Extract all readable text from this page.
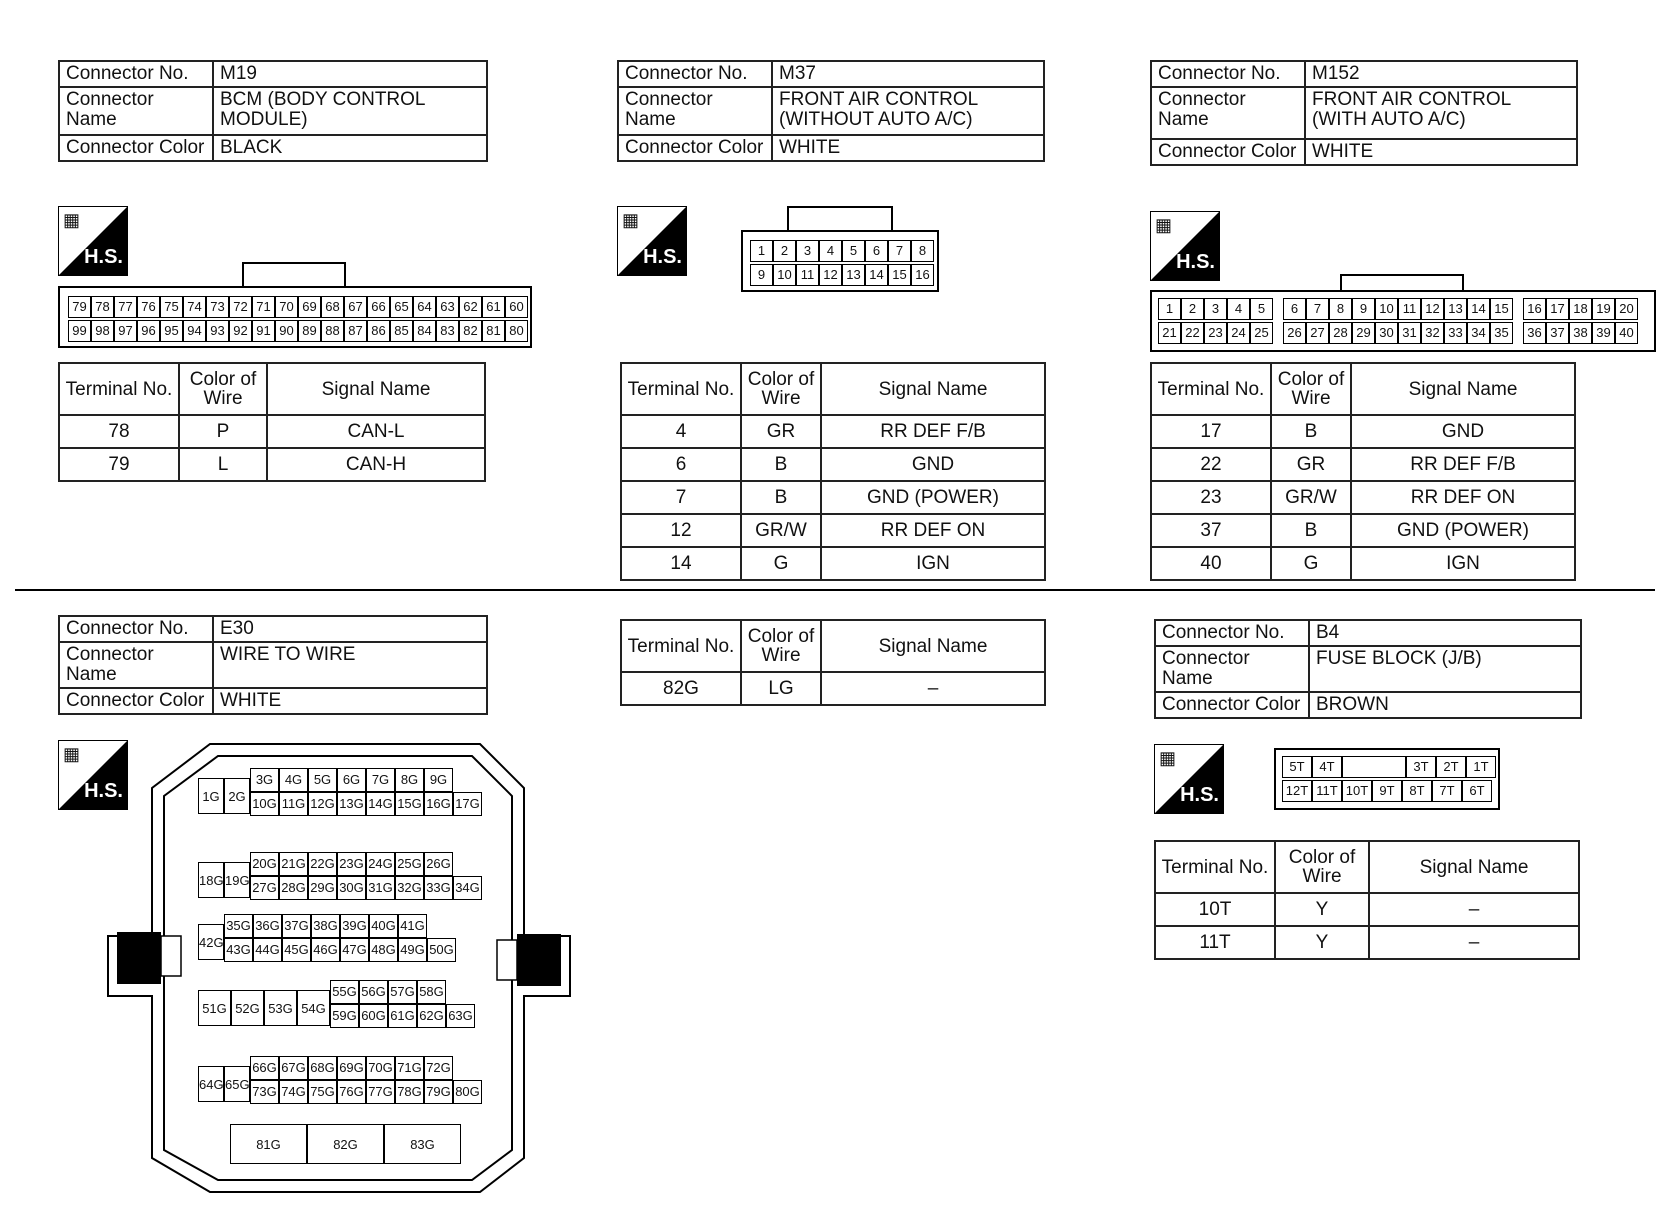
Connector No.	M19
Connector Name	BCM (BODY CONTROL MODULE)
Connector Color	BLACK
▦
H.S.
79 78 77 76 75 74 73 72 71 70 69 68 67 66 65 64 63 62 61 60
99 98 97 96 95 94 93 92 91 90 89 88 87 86 85 84 83 82 81 80
Terminal No.	Color of Wire	Signal Name
78	P	CAN-L
79	L	CAN-H
Connector No.	M37
Connector Name	FRONT AIR CONTROL (WITHOUT AUTO A/C)
Connector Color	WHITE
▦
H.S.	1	2	3	4	5	6	7	8
9 10 11 12 13 14 15 16
Terminal No.	Color of Wire	Signal Name
4	GR	RR DEF F/B
6	B	GND
7	B	GND (POWER)
12	GR/W	RR DEF ON
14	G	IGN
Connector No.	M152
Connector Name	FRONT AIR CONTROL (WITH AUTO A/C)
Connector Color	WHITE
▦
H.S.
1	2	3	4	5	6	7	8	9 10 11 12 13 14 15	16 17 18 19 20
21 22 23 24 25	26 27 28 29 30 31 32 33 34 35	36 37 38 39 40
Terminal No.	Color of Wire	Signal Name
17	B	GND
22	GR	RR DEF F/B
23	GR/W	RR DEF ON
37	B	GND (POWER)
40	G	IGN
Connector No.	E30
Connector Name	WIRE TO WIRE
Connector Color	WHITE
▦
H.S.	1G 2G 10G 11G 12G 13G 14G 15G 16G 17G
3G 4G 5G 6G 7G 8G 9G
18G 19G 27G 28G 29G 30G 31G 32G 33G 34G
20G 21G 22G 23G 24G 25G 26G
42G 43G 44G 45G 46G 47G 48G 49G 50G
35G 36G 37G 38G 39G 40G 41G
51G 52G 53G 54G 59G 60G 61G 62G 63G
55G 56G 57G 58G
64G 65G 73G 74G 75G 76G 77G 78G 79G 80G
66G 67G 68G 69G 70G 71G 72G
81G	82G	83G
Terminal No.	Color of Wire	Signal Name
82G	LG	–
Connector No.	B4
Connector Name	FUSE BLOCK (J/B)
Connector Color	BROWN
▦
H.S.
5T	4T	3T	2T	1T
12T 11T 10T 9T	8T	7T	6T
Terminal No.	Color of Wire	Signal Name
10T	Y	–
11T	Y	–
